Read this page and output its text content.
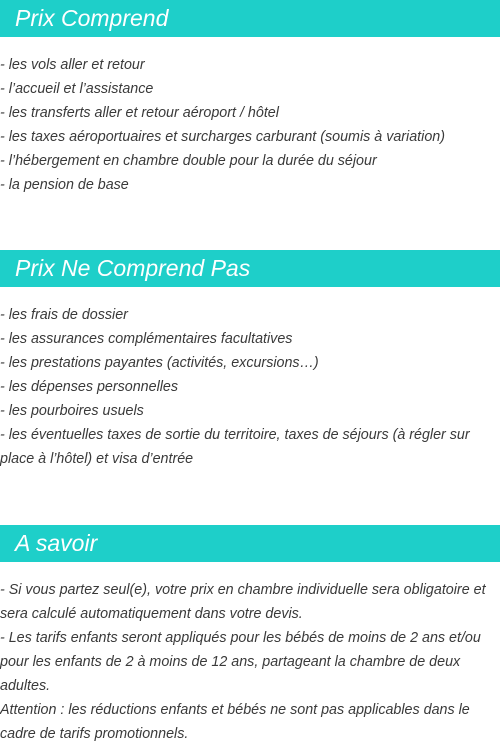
Prix Comprend
- les vols aller et retour
- l’accueil et l’assistance
- les transferts aller et retour aéroport / hôtel
- les taxes aéroportuaires et surcharges carburant (soumis à variation)
- l’hébergement en chambre double pour la durée du séjour
- la pension de base
Prix Ne Comprend Pas
- les frais de dossier
- les assurances complémentaires facultatives
- les prestations payantes (activités, excursions…)
- les dépenses personnelles
- les pourboires usuels
- les éventuelles taxes de sortie du territoire, taxes de séjours (à régler sur place à l’hôtel) et visa d’entrée
A savoir
- Si vous partez seul(e), votre prix en chambre individuelle sera obligatoire et sera calculé automatiquement dans votre devis.
- Les tarifs enfants seront appliqués pour les bébés de moins de 2 ans et/ou pour les enfants de 2 à moins de 12 ans, partageant la chambre de deux adultes.
Attention : les réductions enfants et bébés ne sont pas applicables dans le cadre de tarifs promotionnels.
